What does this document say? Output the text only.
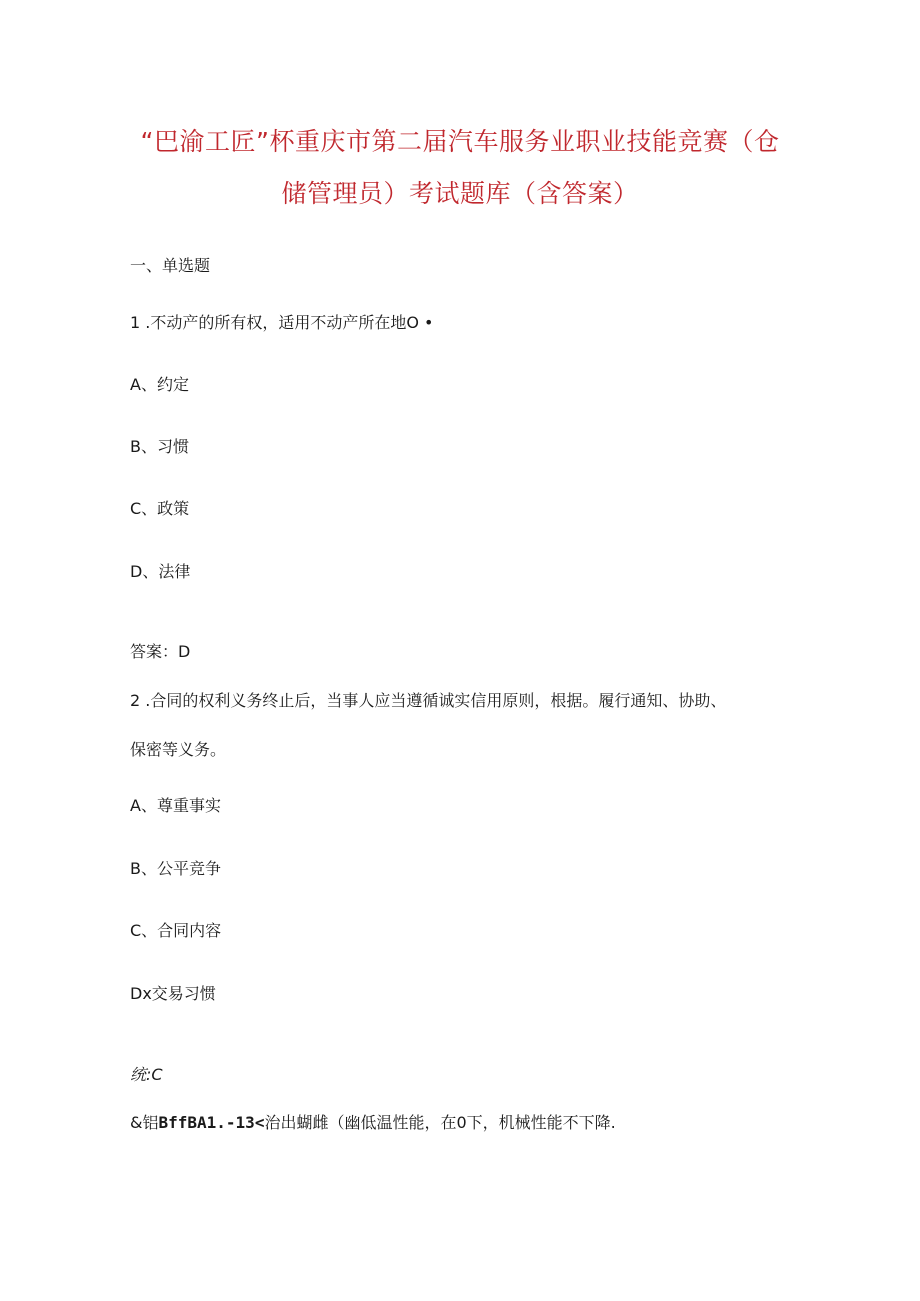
“巴渝工匠”杯重庆市第二届汽车服务业职业技能竞赛（仓
储管理员）考试题库（含答案）
一、单选题
1 .不动产的所有权，适用不动产所在地O •
A、约定
B、习惯
C、政策
D、法律
答案：D
2 .合同的权利义务终止后，当事人应当遵循诚实信用原则，根据。履行通知、协助、
保密等义务。
A、尊重事实
B、公平竞争
C、合同内容
Dx交易习惯
统:C
&铝BffBA1.-13<治出蝴雌（幽低温性能，在0下，机械性能不下降.
